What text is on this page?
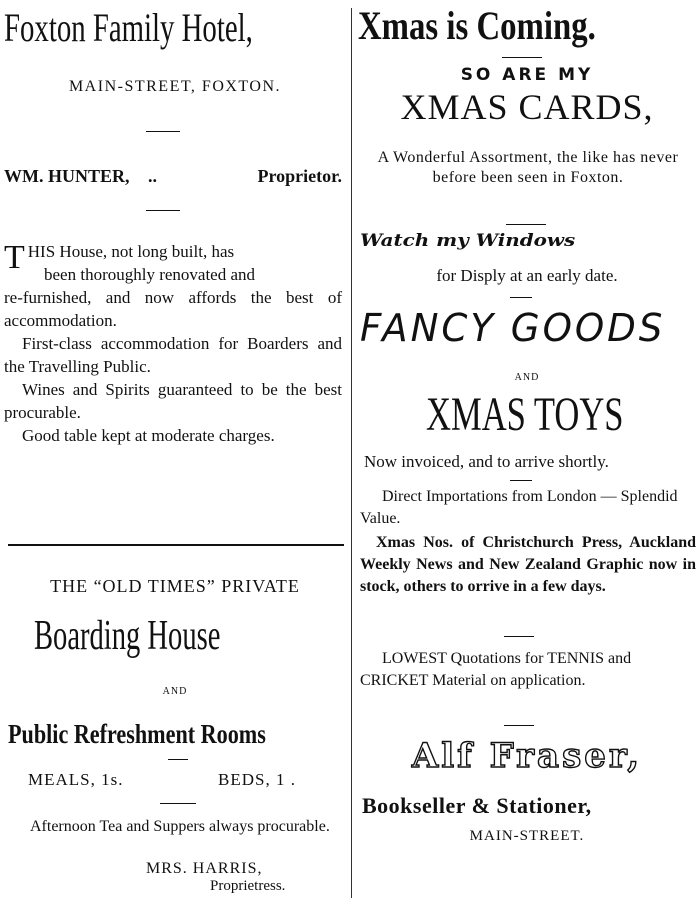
Foxton Family Hotel,
MAIN-STREET, FOXTON.
WM. HUNTER, ..	Proprietor.
T HIS House, not long built, has
been thoroughly renovated and

re-furnished, and now affords the best of accommodation.

First-class accommodation for Boarders and the Travelling Public.

Wines and Spirits guaranteed to be the best procurable.

Good table kept at moderate charges.

THE “OLD TIMES” PRIVATE
Boarding House
AND
Public Refreshment Rooms
MEALS, 1s.	BEDS, 1 .
Afternoon Tea and Suppers always procurable.
MRS. HARRIS,
Proprietress.
Xmas is Coming.
SO ARE MY
XMAS CARDS,
A Wonderful Assortment, the like has never before been seen in Foxton.
Watch my Windows
for Disply at an early date.
FANCY GOODS
AND
XMAS TOYS
Now invoiced, and to arrive shortly.
Direct Importations from London — Splendid Value.
Xmas Nos. of Christchurch Press, Auckland Weekly News and New Zealand Graphic now in stock, others to orrive in a few days.
LOWEST Quotations for TENNIS and CRICKET Material on application.
Alf Fraser,
Bookseller & Stationer,
MAIN-STREET.
